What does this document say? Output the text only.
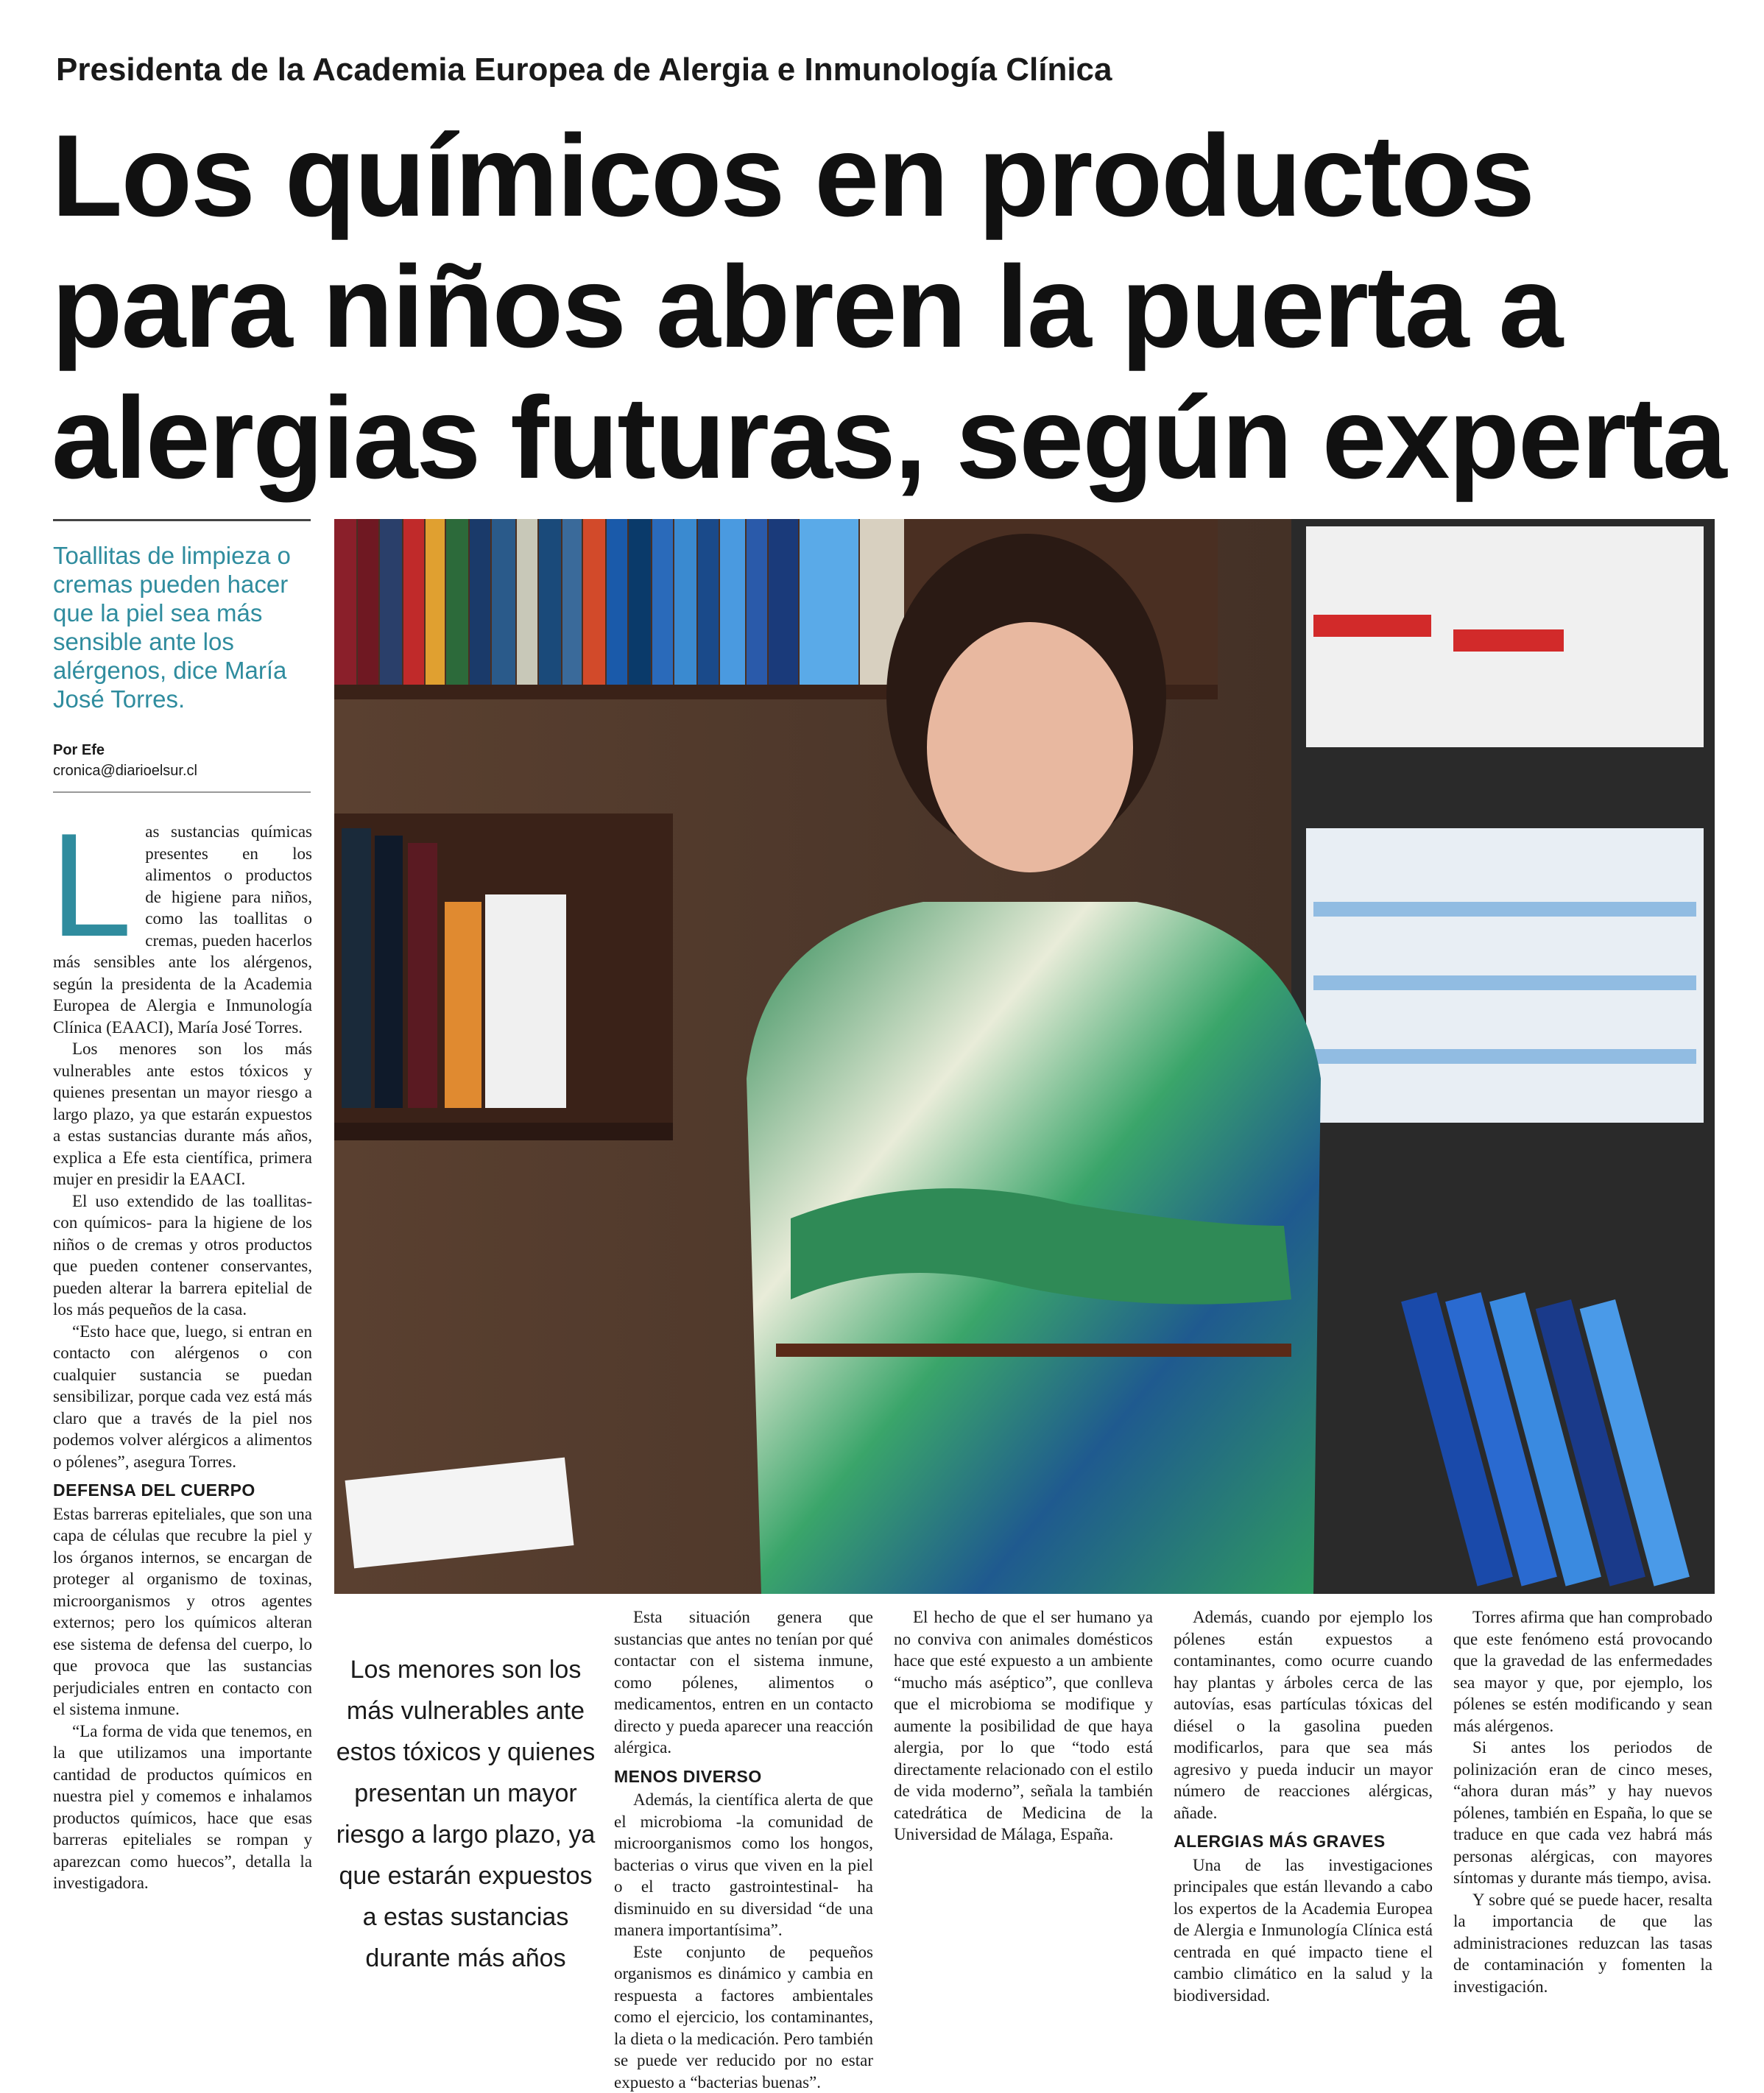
Presidenta de la Academia Europea de Alergia e Inmunología Clínica
Los químicos en productos para niños abren la puerta a alergias futuras, según experta
Toallitas de limpieza o cremas pueden hacer que la piel sea más sensible ante los alérgenos, dice María José Torres.
Por Efe
cronica@diarioelsur.cl
L as sustancias químicas presentes en los alimentos o productos de higiene para niños, como las toallitas o cremas, pueden hacerlos más sensibles ante los alérgenos, según la presidenta de la Academia Europea de Alergia e Inmunología Clínica (EAACI), María José Torres.

Los menores son los más vulnerables ante estos tóxicos y quienes presentan un mayor riesgo a largo plazo, ya que estarán expuestos a estas sustancias durante más años, explica a Efe esta científica, primera mujer en presidir la EAACI.

El uso extendido de las toallitas-con químicos- para la higiene de los niños o de cremas y otros productos que pueden contener conservantes, pueden alterar la barrera epitelial de los más pequeños de la casa.

“Esto hace que, luego, si entran en contacto con alérgenos o con cualquier sustancia se puedan sensibilizar, porque cada vez está más claro que a través de la piel nos podemos volver alérgicos a alimentos o pólenes”, asegura Torres.

DEFENSA DEL CUERPO

Estas barreras epiteliales, que son una capa de células que recubre la piel y los órganos internos, se encargan de proteger al organismo de toxinas, microorganismos y otros agentes externos; pero los químicos alteran ese sistema de defensa del cuerpo, lo que provoca que las sustancias perjudiciales entren en contacto con el sistema inmune.

“La forma de vida que tenemos, en la que utilizamos una importante cantidad de productos químicos en nuestra piel y comemos e inhalamos productos químicos, hace que esas barreras epiteliales se rompan y aparezcan como huecos”, detalla la investigadora.

Los menores son los más vulnerables ante estos tóxicos y quienes presentan un mayor riesgo a largo plazo, ya que estarán expuestos a estas sustancias durante más años

Esta situación genera que sustancias que antes no tenían por qué contactar con el sistema inmune, como pólenes, alimentos o medicamentos, entren en un contacto directo y pueda aparecer una reacción alérgica.

MENOS DIVERSO

Además, la científica alerta de que el microbioma -la comunidad de microorganismos como los hongos, bacterias o virus que viven en la piel o el tracto gastrointestinal- ha disminuido en su diversidad “de una manera importantísima”.

Este conjunto de pequeños organismos es dinámico y cambia en respuesta a factores ambientales como el ejercicio, los contaminantes, la dieta o la medicación. Pero también se puede ver reducido por no estar expuesto a “bacterias buenas”.

El hecho de que el ser humano ya no conviva con animales domésticos hace que esté expuesto a un ambiente “mucho más aséptico”, que conlleva que el microbioma se modifique y aumente la posibilidad de que haya alergia, por lo que “todo está directamente relacionado con el estilo de vida moderno”, señala la también catedrática de Medicina de la Universidad de Málaga, España.

Además, cuando por ejemplo los pólenes están expuestos a contaminantes, como ocurre cuando hay plantas y árboles cerca de las autovías, esas partículas tóxicas del diésel o la gasolina pueden modificarlos, para que sea más agresivo y pueda inducir un mayor número de reacciones alérgicas, añade.

ALERGIAS MÁS GRAVES

Una de las investigaciones principales que están llevando a cabo los expertos de la Academia Europea de Alergia e Inmunología Clínica está centrada en qué impacto tiene el cambio climático en la salud y la biodiversidad.

Torres afirma que han comprobado que este fenómeno está provocando que la gravedad de las enfermedades sea mayor y que, por ejemplo, los pólenes se estén modificando y sean más alérgenos.

Si antes los periodos de polinización eran de cinco meses, “ahora duran más” y hay nuevos pólenes, también en España, lo que se traduce en que cada vez habrá más personas alérgicas, con mayores síntomas y durante más tiempo, avisa.

Y sobre qué se puede hacer, resalta la importancia de que las administraciones reduzcan las tasas de contaminación y fomenten la investigación.
